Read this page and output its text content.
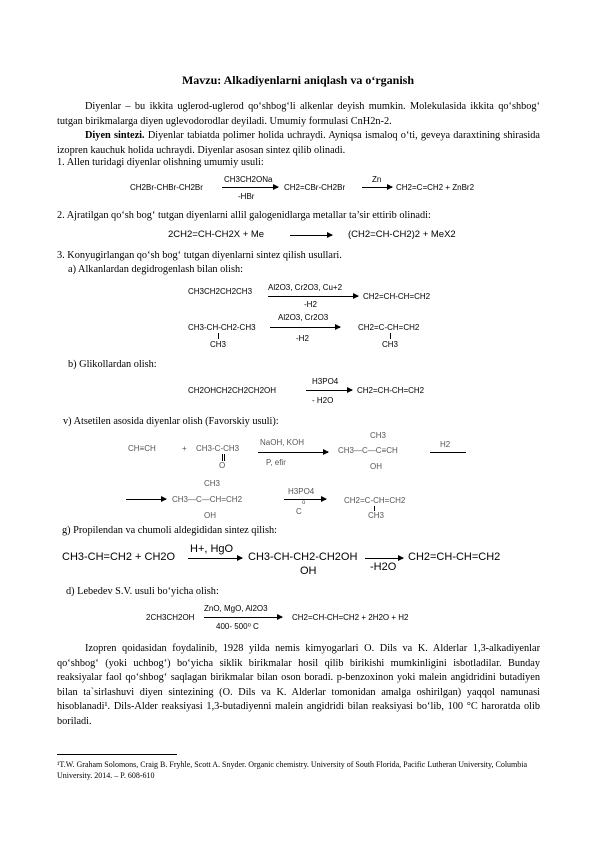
Mavzu: Alkadiyenlarni aniqlash va o‘rganish
Diyenlar – bu ikkita uglerod-uglerod qo‘shbog‘li alkenlar deyish mumkin. Molekulasida ikkita qo‘shbog‘ tutgan birikmalarga diyen uglevodorodlar deyiladi. Umumiy formulasi CnH2n-2.
Diyen sintezi. Diyenlar tabiatda polimer holida uchraydi. Ayniqsa ismaloq o‘ti, geveya daraxtining shirasida izopren kauchuk holida uchraydi. Diyenlar asosan sintez qilib olinadi.
1. Allen turidagi diyenlar olishning umumiy usuli:
CH2Br-CHBr-CH2Br
CH3CH2ONa
-HBr
CH2=CBr-CH2Br
Zn
CH2=C=CH2 + ZnBr2
2. Ajratilgan qo‘sh bog‘ tutgan diyenlarni allil galogenidlarga metallar ta’sir ettirib olinadi:
2CH2=CH-CH2X + Me	(CH2=CH-CH2)2 + MeX2
3. Konyugirlangan qo‘sh bog‘ tutgan diyenlarni sintez qilish usullari.
a) Alkanlardan degidrogenlash bilan olish:
CH3CH2CH2CH3 Al2O3, Cr2O3, Cu+2
-H2
CH2=CH-CH=CH2
CH3-CH-CH2-CH3
CH3
Al2O3, Cr2O3
-H2
CH2=C-CH=CH2
CH3
b) Glikollardan olish:
CH2OHCH2CH2CH2OH
H3PO4
- H2O
CH2=CH-CH=CH2
v) Atsetilen asosida diyenlar olish (Favorskiy usuli):
CH≡CH	+ CH3-C-CH3
O
NaOH, KOH
P, efir
CH3
CH3—C—C≡CH
OH
H2
CH3
CH3—C—CH=CH2
OH
H3PO4
o
C
CH2=C-CH=CH2
CH3
g) Propilendan va chumoli aldegididan sintez qilish:
CH3-CH=CH2 + CH2O
H+, HgO
CH3-CH-CH2-CH2OH
OH	-H2O
CH2=CH-CH=CH2
d) Lebedev S.V. usuli bo‘yicha olish:
2CH3CH2OH
ZnO, MgO, Al2O3
400- 500⁰ C
CH2=CH-CH=CH2 + 2H2O + H2
Izopren qoidasidan foydalinib, 1928 yilda nemis kimyogarlari O. Dils va K. Alderlar 1,3-alkadiyenlar qo‘shbog‘ (yoki uchbog‘) bo‘yicha siklik birikmalar hosil qilib birikishi mumkinligini isbotladilar. Bunday reaksiyalar faol qo‘shbog‘ saqlagan birikmalar bilan oson boradi. p-benzoxinon yoki malein angidridini butadiyen bilan ta`sirlashuvi diyen sintezining (O. Dils va K. Alderlar tomonidan amalga oshirilgan) yaqqol namunasi hisoblanadi¹. Dils-Alder reaksiyasi 1,3-butadiyenni malein angidridi bilan reaksiyasi bo‘lib, 100 °C haroratda olib boriladi.
¹T.W. Graham Solomons, Craig B. Fryhle, Scott A. Snyder. Organic chemistry. University of South Florida, Pacific Lutheran University, Columbia University. 2014. – P. 608-610
